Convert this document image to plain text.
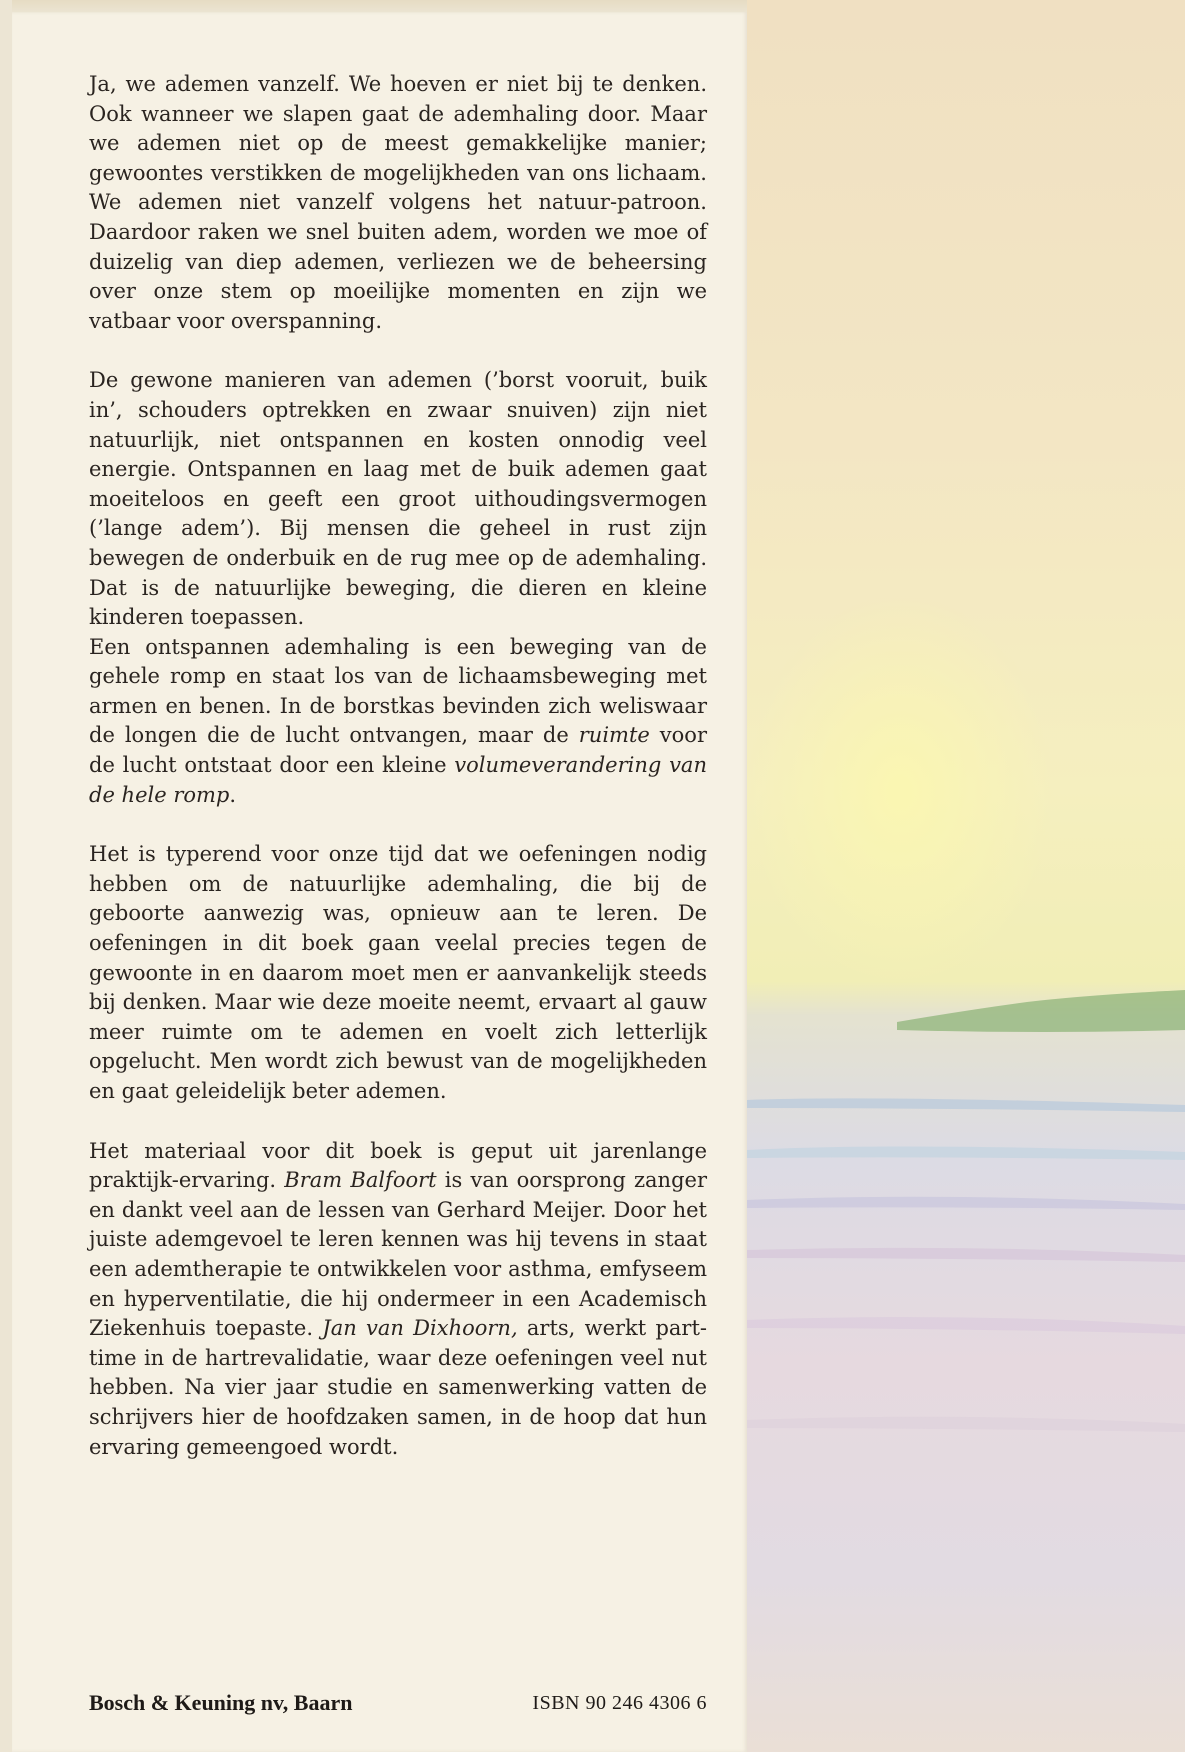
Ja, we ademen vanzelf. We hoeven er niet bij te denken. Ook wanneer we slapen gaat de ademhaling door. Maar we ademen niet op de meest gemakkelijke manier; gewoontes verstikken de mogelijkheden van ons lichaam. We ademen niet vanzelf volgens het natuur-patroon. Daardoor raken we snel buiten adem, worden we moe of duizelig van diep ademen, verliezen we de beheersing over onze stem op moeilijke momenten en zijn we vatbaar voor overspanning.

De gewone manieren van ademen (’borst vooruit, buik in’, schouders optrekken en zwaar snuiven) zijn niet natuurlijk, niet ontspannen en kosten onnodig veel energie. Ontspannen en laag met de buik ademen gaat moeiteloos en geeft een groot uithoudingsvermogen (’lange adem’). Bij mensen die geheel in rust zijn bewegen de onderbuik en de rug mee op de ademhaling. Dat is de natuurlijke beweging, die dieren en kleine kinderen toepassen.

Een ontspannen ademhaling is een beweging van de gehele romp en staat los van de lichaamsbeweging met armen en benen. In de borstkas bevinden zich weliswaar de longen die de lucht ontvangen, maar de ruimte voor de lucht ontstaat door een kleine volumeverandering van de hele romp.

Het is typerend voor onze tijd dat we oefeningen nodig hebben om de natuurlijke ademhaling, die bij de geboorte aanwezig was, opnieuw aan te leren. De oefeningen in dit boek gaan veelal precies tegen de gewoonte in en daarom moet men er aanvankelijk steeds bij denken. Maar wie deze moeite neemt, ervaart al gauw meer ruimte om te ademen en voelt zich letterlijk opgelucht. Men wordt zich bewust van de mogelijkheden en gaat geleidelijk beter ademen.

Het materiaal voor dit boek is geput uit jarenlange praktijk-ervaring. Bram Balfoort is van oorsprong zanger en dankt veel aan de lessen van Gerhard Meijer. Door het juiste ademgevoel te leren kennen was hij tevens in staat een ademtherapie te ontwikkelen voor asthma, emfyseem en hyperventilatie, die hij ondermeer in een Academisch Ziekenhuis toepaste. Jan van Dixhoorn, arts, werkt part-time in de hartrevalidatie, waar deze oefeningen veel nut hebben. Na vier jaar studie en samenwerking vatten de schrijvers hier de hoofdzaken samen, in de hoop dat hun ervaring gemeengoed wordt.

Bosch & Keuning nv, Baarn	ISBN 90 246 4306 6
